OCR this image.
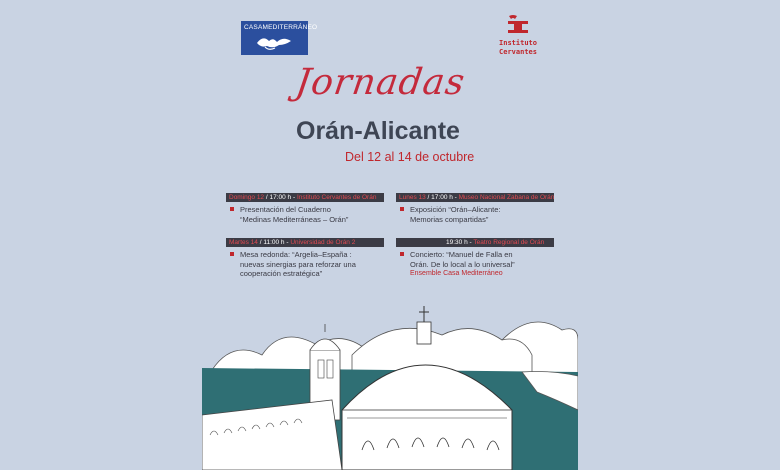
CASAMEDITERRÁNEO
Instituto
Cervantes
Jornadas
Orán-Alicante
Del 12 al 14 de octubre
Domingo 12 / 17:00 h - Instituto Cervantes de Orán
Presentación del Cuaderno
“Medinas Mediterráneas – Orán”
Lunes 13 / 17:00 h - Museo Nacional Zabana de Orán
Exposición “Orán–Alicante:
Memorias compartidas”
Martes 14 / 11:00 h - Universidad de Orán 2
Mesa redonda: “Argelia–España :
nuevas sinergias para reforzar una
cooperación estratégica”
19:30 h - Teatro Regional de Orán
Concierto: “Manuel de Falla en
Orán. De lo local a lo universal”
Ensemble Casa Mediterráneo
